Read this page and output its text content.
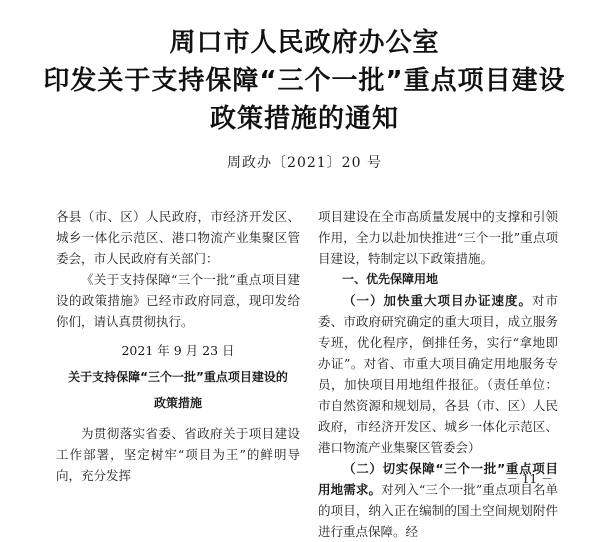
周口市人民政府办公室
印发关于支持保障“三个一批”重点项目建设
政策措施的通知
周政办〔2021〕20 号

各县（市、区）人民政府，市经济开发区、城乡一体化示范区、港口物流产业集聚区管委会，市人民政府有关部门：

《关于支持保障“三个一批”重点项目建设的政策措施》已经市政府同意，现印发给你们，请认真贯彻执行。

2021 年 9 月 23 日
关于支持保障“三个一批”重点项目建设的
政策措施

为贯彻落实省委、省政府关于项目建设工作部署，坚定树牢“项目为王”的鲜明导向，充分发挥

项目建设在全市高质量发展中的支撑和引领作用，全力以赴加快推进“三个一批”重点项目建设，特制定以下政策措施。

一、优先保障用地

（一）加快重大项目办证速度。对市委、市政府研究确定的重大项目，成立服务专班，优化程序，倒排任务，实行“拿地即办证”。对省、市重大项目确定用地服务专员，加快项目用地组件报征。（责任单位：市自然资源和规划局，各县（市、区）人民政府，市经济开发区、城乡一体化示范区、港口物流产业集聚区管委会）

（二）切实保障“三个一批”重点项目用地需求。对列入“三个一批”重点项目名单的项目，纳入正在编制的国土空间规划附件进行重点保障。经

－ 11 －
